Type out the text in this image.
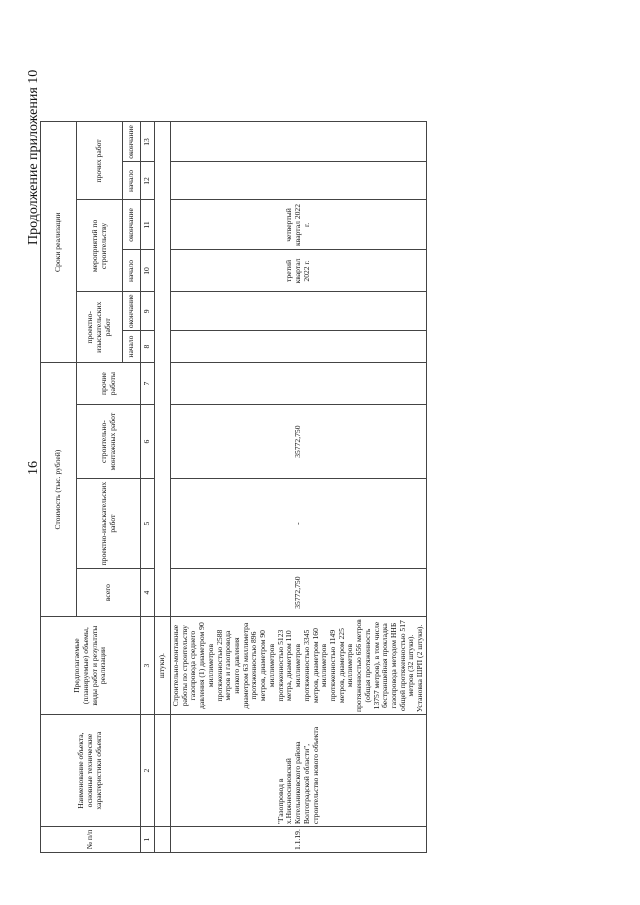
Продолжение приложения 10
16
№ п/п	Наименование объекта, основные технические характеристики объекта	Предполагаемые (планируемые) объемы, виды работ и результаты реализации	Стоимость (тыс. рублей)				Сроки реализации					
			всего	проектно-изыскательских работ	строительно-монтажных работ	прочие работы	проектно-изыскательских работ		мероприятий по строительству		прочих работ	
							начало	окончание	начало	окончание	начало	окончание
1	2	3	4	5	6	7	8	9	10	11	12	13
		штуки).										
1.1.19.	"Газопровод в х.Нижнеосиновский Котельниковского района Волгоградской области", строительство нового объекта	Строительно-монтажные работы по строительству газопровода среднего давления (1) диаметром 90 миллиметров протяженностью 2588 метров и газопровода низкого давления диаметром 63 миллиметра протяженностью 896 метров, диаметром 90 миллиметров протяженностью 5123 метра, диаметром 110 миллиметров протяженностью 3345 метров, диаметром 160 миллиметров протяженностью 1149 метров, диаметром 225 миллиметров протяженностью 656 метров (общая протяженность 13757 метров), в том числе бестраншейная прокладка газопровода методом ННБ общей протяженностью 517 метров (32 штуки). Установка ШРП (2 штуки).	35772,750	-	35772,750				третий квартал 2022 г.	четвертый квартал 2022 г.		
